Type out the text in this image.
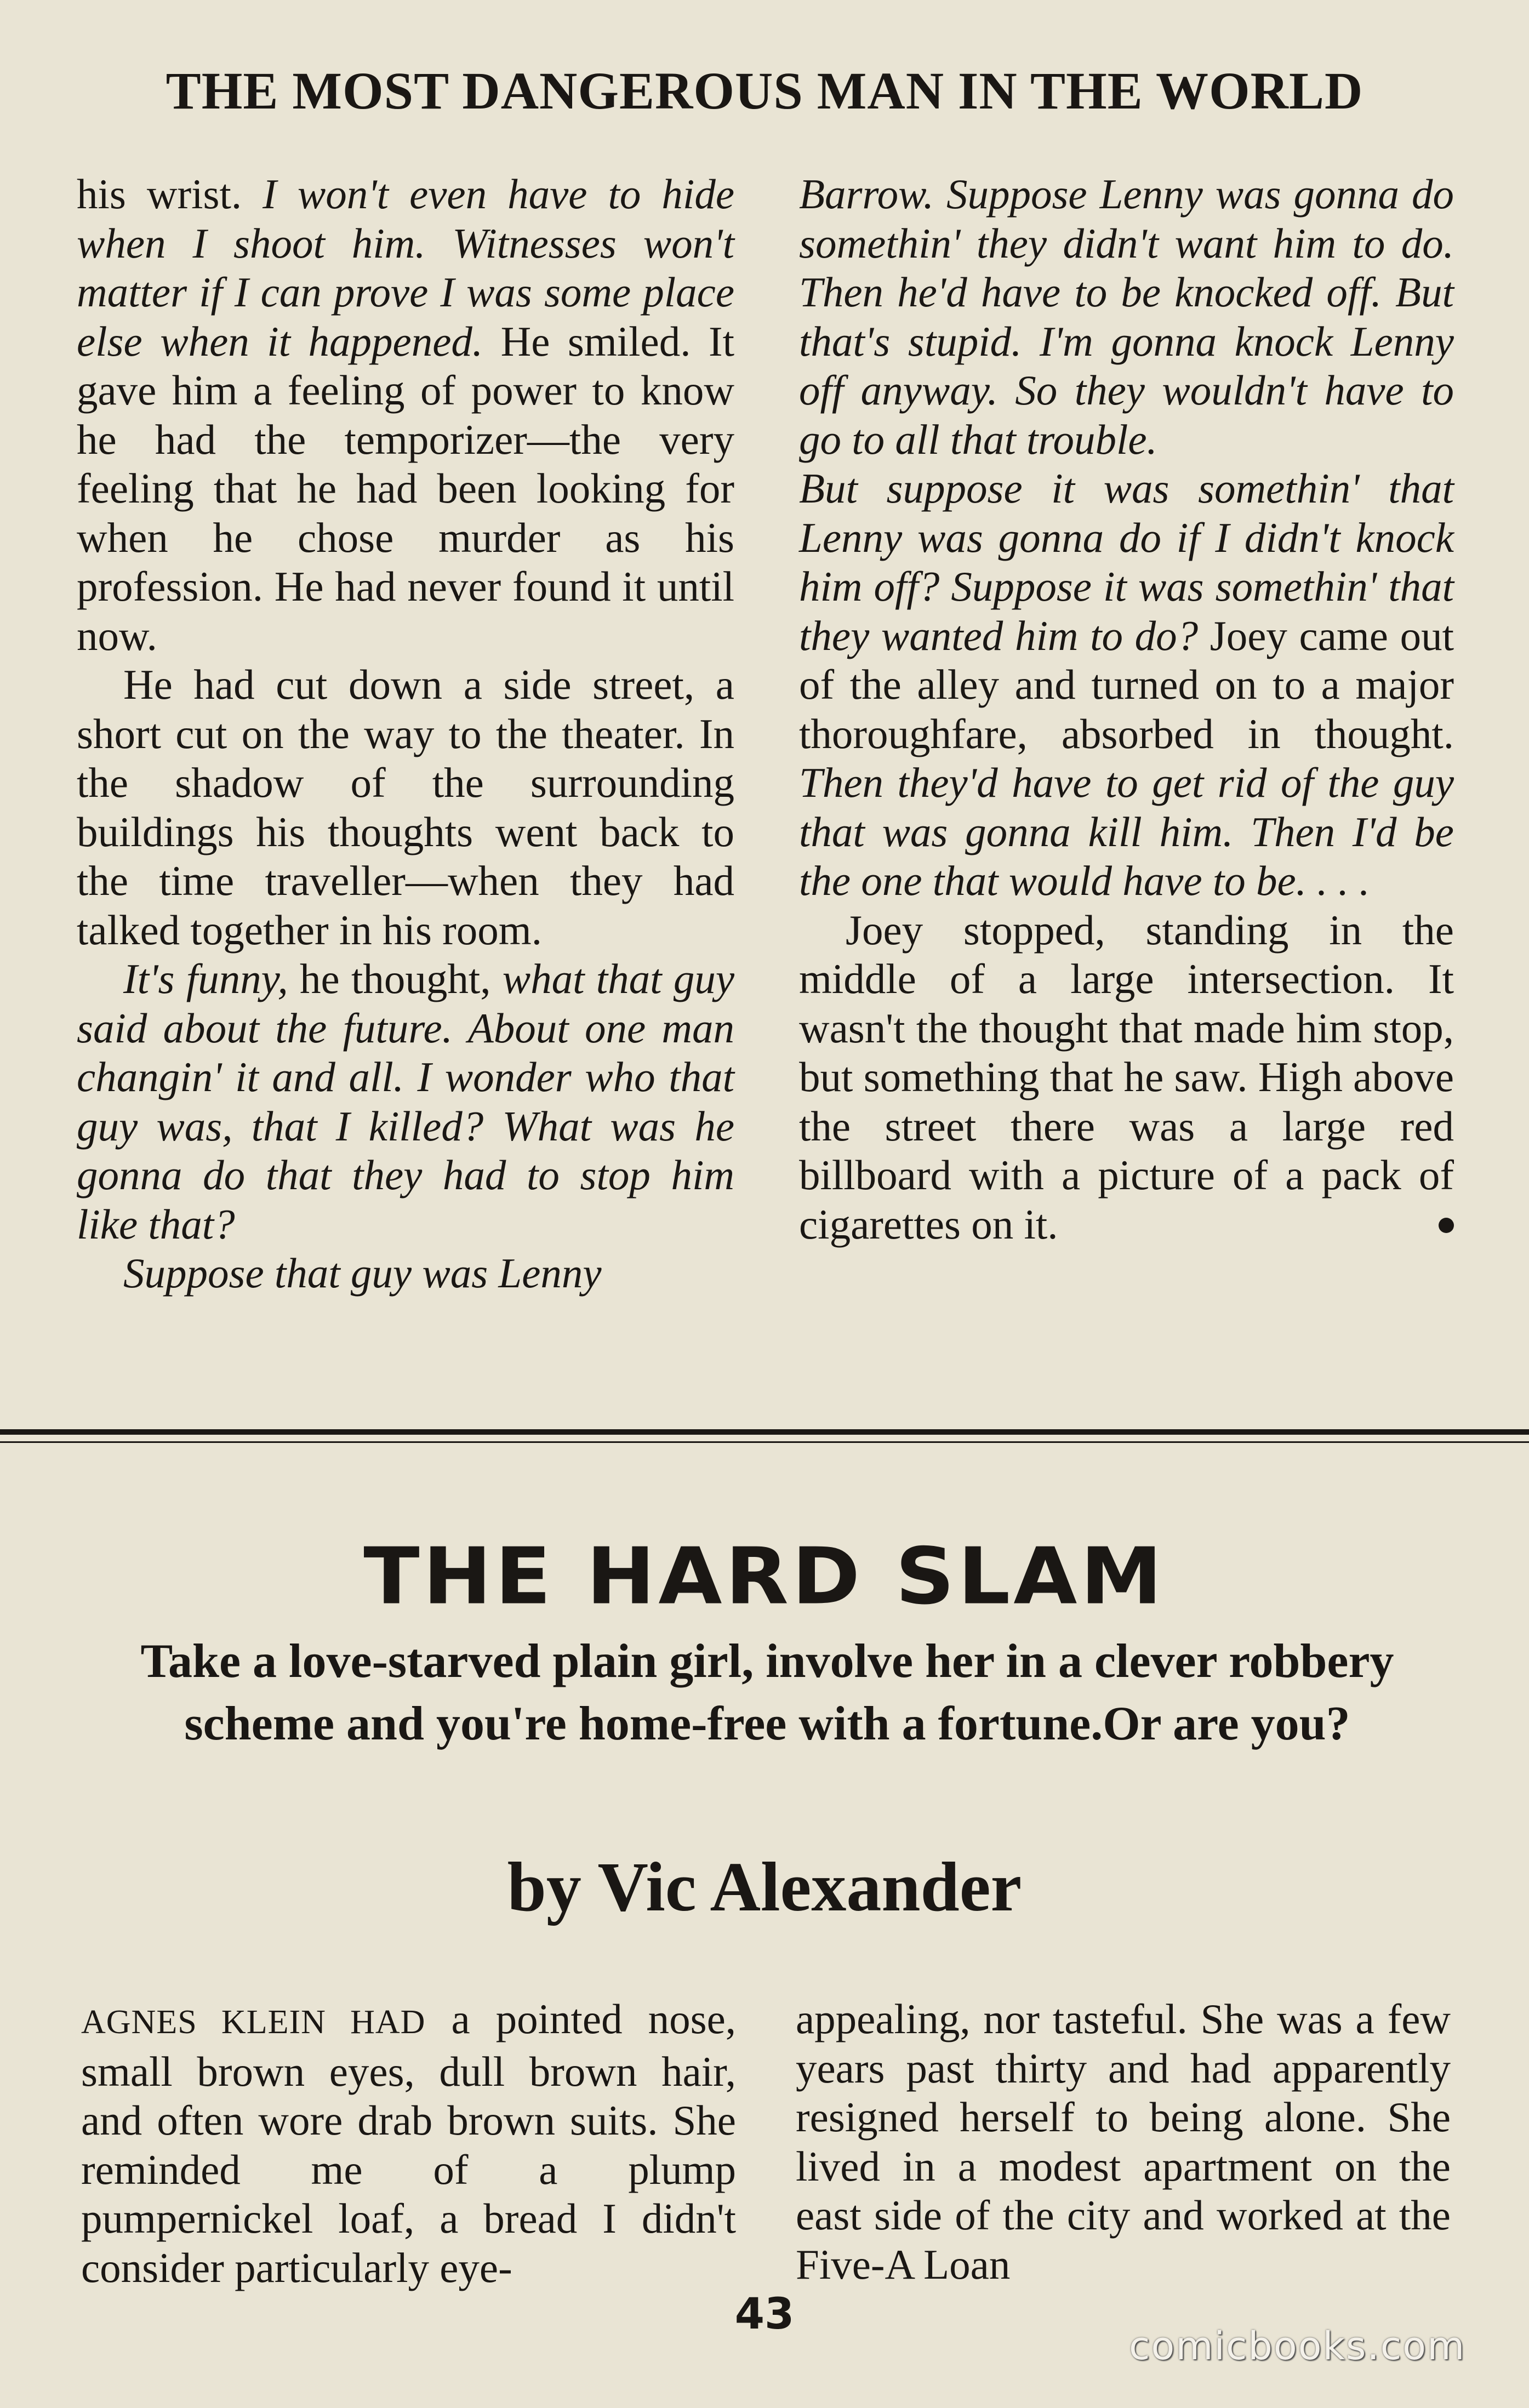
THE MOST DANGEROUS MAN IN THE WORLD

his wrist. I won't even have to hide when I shoot him. Witnesses won't matter if I can prove I was some place else when it happened. He smiled. It gave him a feeling of power to know he had the temporizer—the very feeling that he had been looking for when he chose murder as his profession. He had never found it until now.

He had cut down a side street, a short cut on the way to the theater. In the shadow of the surrounding buildings his thoughts went back to the time traveller—when they had talked together in his room.

It's funny, he thought, what that guy said about the future. About one man changin' it and all. I wonder who that guy was, that I killed? What was he gonna do that they had to stop him like that?

Suppose that guy was Lenny

Barrow. Suppose Lenny was gonna do somethin' they didn't want him to do. Then he'd have to be knocked off. But that's stupid. I'm gonna knock Lenny off anyway. So they wouldn't have to go to all that trouble.

But suppose it was somethin' that Lenny was gonna do if I didn't knock him off? Suppose it was somethin' that they wanted him to do? Joey came out of the alley and turned on to a major thoroughfare, absorbed in thought. Then they'd have to get rid of the guy that was gonna kill him. Then I'd be the one that would have to be. . . .

Joey stopped, standing in the middle of a large intersection. It wasn't the thought that made him stop, but something that he saw. High above the street there was a large red billboard with a picture of a pack of cigarettes on it.

THE HARD SLAM
Take a love-starved plain girl, involve her in a clever robbery scheme and you're home-free with a fortune.Or are you?
by Vic Alexander

AGNES KLEIN HAD a pointed nose, small brown eyes, dull brown hair, and often wore drab brown suits. She reminded me of a plump pumpernickel loaf, a bread I didn't consider particularly eye-

appealing, nor tasteful. She was a few years past thirty and had apparently resigned herself to being alone. She lived in a modest apartment on the east side of the city and worked at the Five-A Loan

43
comicbooks.com
